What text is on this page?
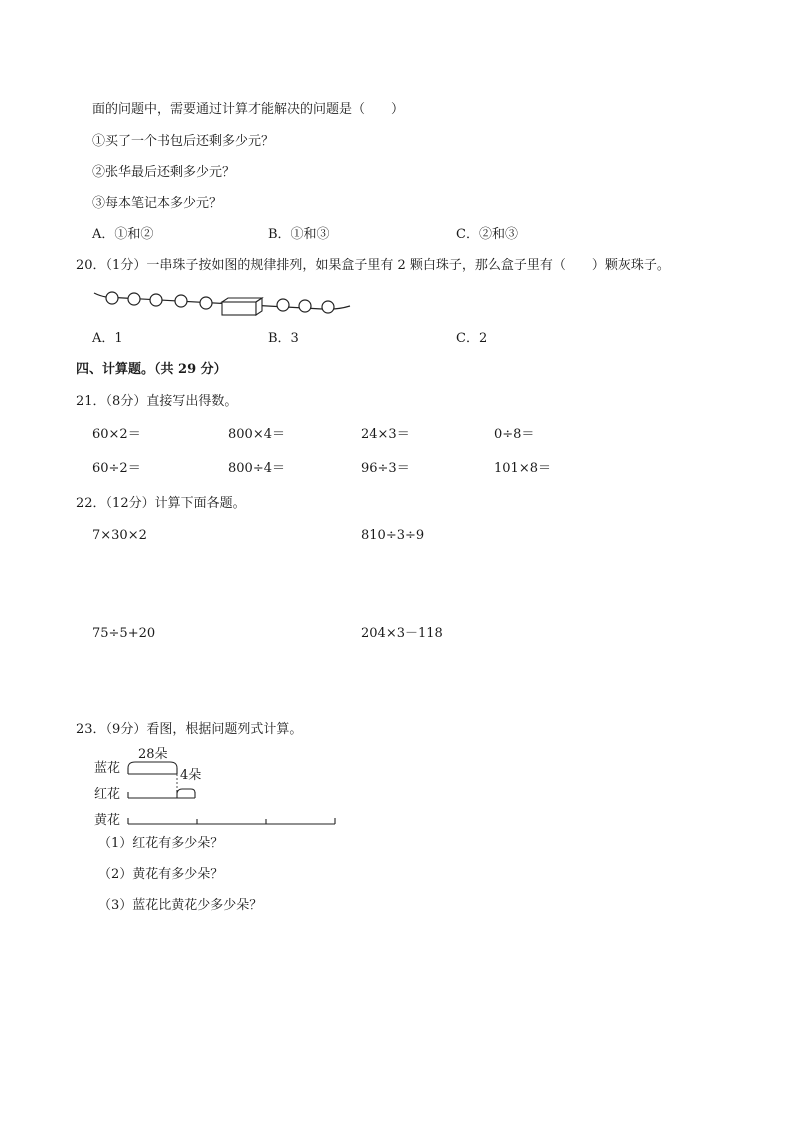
面的问题中，需要通过计算才能解决的问题是（　　）
①买了一个书包后还剩多少元？
②张华最后还剩多少元？
③每本笔记本多少元？
A．①和②	B．①和③	C．②和③
20．（1分）一串珠子按如图的规律排列，如果盒子里有 2 颗白珠子，那么盒子里有（　　）颗灰珠子。
A．1	B．3	C．2
四、计算题。（共 29 分）
21．（8分）直接写出得数。
60×2＝	800×4＝	24×3＝	0÷8＝
60÷2＝	800÷4＝	96÷3＝	101×8＝
22．（12分）计算下面各题。
7×30×2	810÷3÷9
75÷5+20	204×3－118
23．（9分）看图，根据问题列式计算。
蓝花
红花
黄花
28朵
4朵
（1）红花有多少朵？
（2）黄花有多少朵？
（3）蓝花比黄花少多少朵？
